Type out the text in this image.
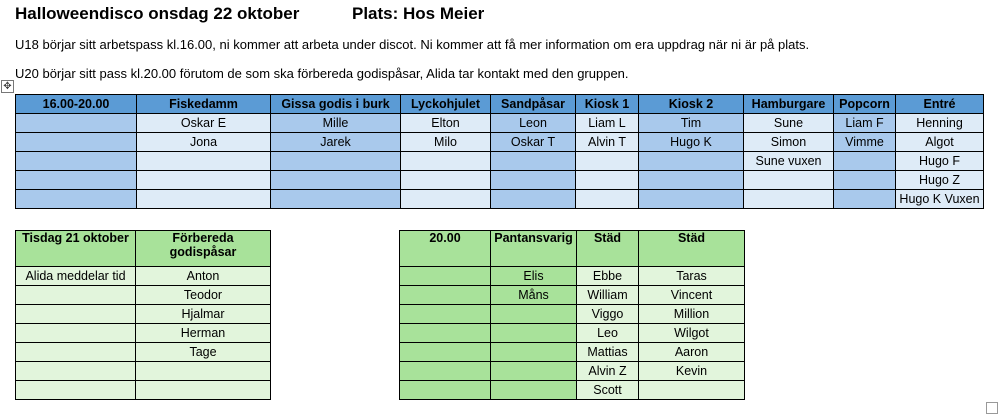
Halloweendisco onsdag 22 oktober	Plats: Hos Meier
U18 börjar sitt arbetspass kl.16.00, ni kommer att arbeta under discot. Ni kommer att få mer information om era uppdrag när ni är på plats.
U20 börjar sitt pass kl.20.00 förutom de som ska förbereda godispåsar, Alida tar kontakt med den gruppen.
✥
16.00-20.00	Fiskedamm	Gissa godis i burk	Lyckohjulet	Sandpåsar	Kiosk 1	Kiosk 2	Hamburgare	Popcorn	Entré
	Oskar E	Mille	Elton	Leon	Liam L	Tim	Sune	Liam F	Henning
	Jona	Jarek	Milo	Oskar T	Alvin T	Hugo K	Simon	Vimme	Algot
							Sune vuxen		Hugo F
									Hugo Z
									Hugo K Vuxen
Tisdag 21 oktober	Förbereda godispåsar
Alida meddelar tid	Anton
	Teodor
	Hjalmar
	Herman
	Tage

20.00	Pantansvarig	Städ	Städ
	Elis	Ebbe	Taras
	Måns	William	Vincent
		Viggo	Million
		Leo	Wilgot
		Mattias	Aaron
		Alvin Z	Kevin
		Scott	
